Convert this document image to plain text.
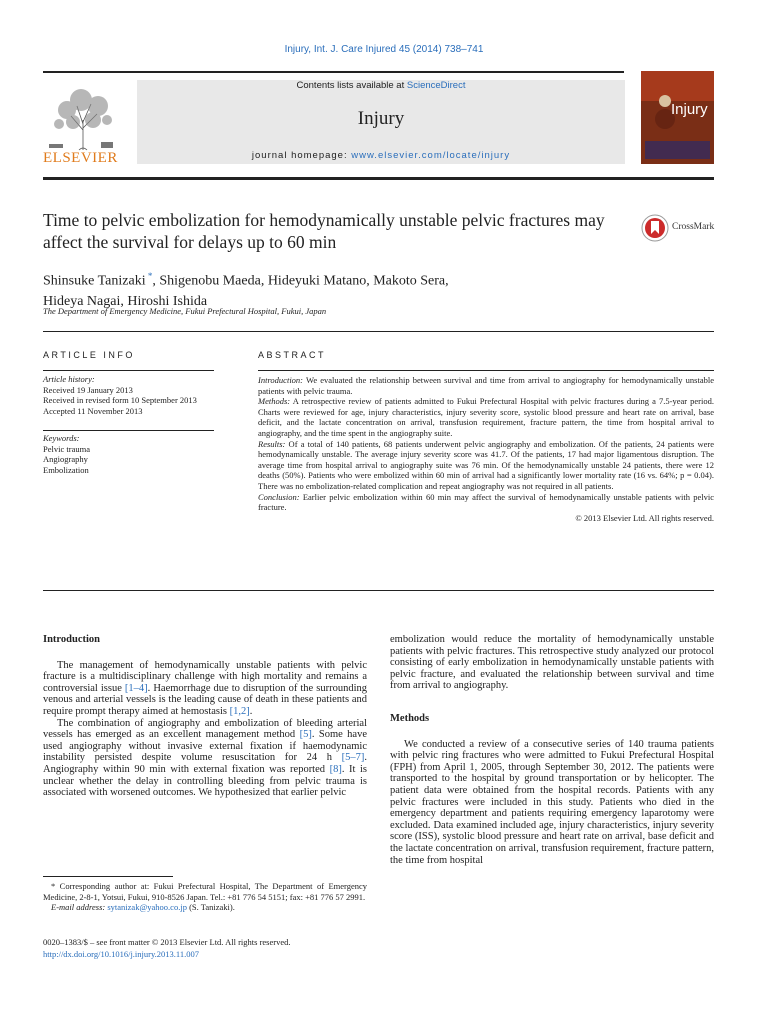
Injury, Int. J. Care Injured 45 (2014) 738–741
ELSEVIER
Contents lists available at ScienceDirect
Injury
journal homepage: www.elsevier.com/locate/injury
Injury
Time to pelvic embolization for hemodynamically unstable pelvic fractures may affect the survival for delays up to 60 min
CrossMark
Shinsuke Tanizaki *, Shigenobu Maeda, Hideyuki Matano, Makoto Sera,
Hideya Nagai, Hiroshi Ishida
The Department of Emergency Medicine, Fukui Prefectural Hospital, Fukui, Japan
ARTICLE INFO	ABSTRACT
Article history:
Received 19 January 2013
Received in revised form 10 September 2013
Accepted 11 November 2013
Keywords:
Pelvic trauma
Angiography
Embolization

Introduction: We evaluated the relationship between survival and time from arrival to angiography for hemodynamically unstable patients with pelvic trauma.

Methods: A retrospective review of patients admitted to Fukui Prefectural Hospital with pelvic fractures during a 7.5-year period. Charts were reviewed for age, injury characteristics, injury severity score, systolic blood pressure and heart rate on arrival, base deficit, and the lactate concentration on arrival, transfusion requirement, fracture pattern, the time from hospital arrival to angiography, and the time spent in the angiography suite.

Results: Of a total of 140 patients, 68 patients underwent pelvic angiography and embolization. Of the patients, 24 patients were hemodynamically unstable. The average injury severity score was 41.7. Of the patients, 17 had major ligamentous disruption. The average time from hospital arrival to angiography suite was 76 min. Of the hemodynamically unstable 24 patients, there were 12 deaths (50%). Patients who were embolized within 60 min of arrival had a significantly lower mortality rate (16 vs. 64%; p = 0.04). There was no embolization-related complication and repeat angiography was not required in all patients.

Conclusion: Earlier pelvic embolization within 60 min may affect the survival of hemodynamically unstable patients with pelvic fracture.

© 2013 Elsevier Ltd. All rights reserved.

Introduction

The management of hemodynamically unstable patients with pelvic fracture is a multidisciplinary challenge with high mortality and remains a controversial issue [1–4]. Haemorrhage due to disruption of the surrounding venous and arterial vessels is the leading cause of death in these patients and require prompt therapy aimed at hemostasis [1,2].

The combination of angiography and embolization of bleeding arterial vessels has emerged as an excellent management method [5]. Some have used angiography without invasive external fixation if haemodynamic instability persisted despite volume resuscitation for 24 h [5–7]. Angiography within 90 min with external fixation was reported [8]. It is unclear whether the delay in controlling bleeding from pelvic trauma is associated with worsened outcomes. We hypothesized that earlier pelvic

embolization would reduce the mortality of hemodynamically unstable patients with pelvic fractures. This retrospective study analyzed our protocol consisting of early embolization in hemodynamically unstable patients with pelvic fracture, and evaluated the relationship between survival and time from arrival to angiography.

Methods

We conducted a review of a consecutive series of 140 trauma patients with pelvic ring fractures who were admitted to Fukui Prefectural Hospital (FPH) from April 1, 2005, through September 30, 2012. The patients were transported to the hospital by ground transportation or by helicopter. The patient data were obtained from the hospital records. Patients with any pelvic fractures were included in this study. Patients who died in the emergency department and patients requiring emergency laparotomy were excluded. Data examined included age, injury characteristics, injury severity score (ISS), systolic blood pressure and heart rate on arrival, base deficit and the lactate concentration on arrival, transfusion requirement, fracture pattern, the time from hospital

* Corresponding author at: Fukui Prefectural Hospital, The Department of Emergency Medicine, 2-8-1, Yotsui, Fukui, 910-8526 Japan. Tel.: +81 776 54 5151; fax: +81 776 57 2991.
E-mail address: sytanizak@yahoo.co.jp (S. Tanizaki).
0020–1383/$ – see front matter © 2013 Elsevier Ltd. All rights reserved.
http://dx.doi.org/10.1016/j.injury.2013.11.007
